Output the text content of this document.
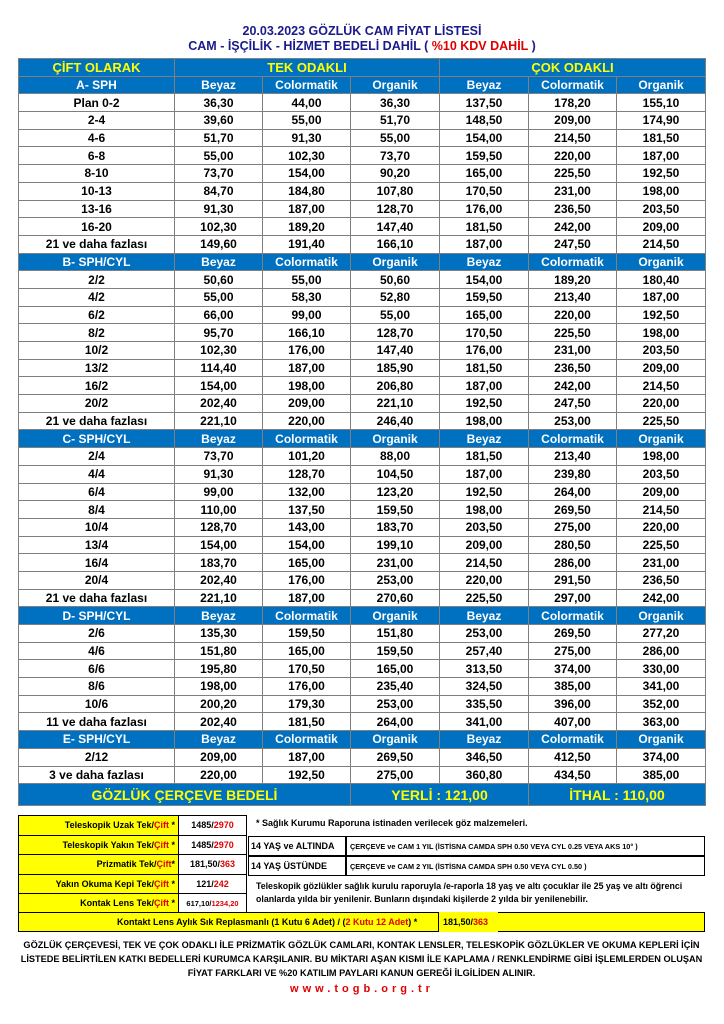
20.03.2023 GÖZLÜK CAM FİYAT LİSTESİ
CAM - İŞÇİLİK - HİZMET BEDELİ DAHİL ( %10 KDV DAHİL )
ÇİFT OLARAK	TEK ODAKLI			ÇOK ODAKLI		
A- SPH	Beyaz	Colormatik	Organik	Beyaz	Colormatik	Organik
Plan 0-2	36,30	44,00	36,30	137,50	178,20	155,10
2-4	39,60	55,00	51,70	148,50	209,00	174,90
4-6	51,70	91,30	55,00	154,00	214,50	181,50
6-8	55,00	102,30	73,70	159,50	220,00	187,00
8-10	73,70	154,00	90,20	165,00	225,50	192,50
10-13	84,70	184,80	107,80	170,50	231,00	198,00
13-16	91,30	187,00	128,70	176,00	236,50	203,50
16-20	102,30	189,20	147,40	181,50	242,00	209,00
21 ve daha fazlası	149,60	191,40	166,10	187,00	247,50	214,50
B- SPH/CYL	Beyaz	Colormatik	Organik	Beyaz	Colormatik	Organik
2/2	50,60	55,00	50,60	154,00	189,20	180,40
4/2	55,00	58,30	52,80	159,50	213,40	187,00
6/2	66,00	99,00	55,00	165,00	220,00	192,50
8/2	95,70	166,10	128,70	170,50	225,50	198,00
10/2	102,30	176,00	147,40	176,00	231,00	203,50
13/2	114,40	187,00	185,90	181,50	236,50	209,00
16/2	154,00	198,00	206,80	187,00	242,00	214,50
20/2	202,40	209,00	221,10	192,50	247,50	220,00
21 ve daha fazlası	221,10	220,00	246,40	198,00	253,00	225,50
C- SPH/CYL	Beyaz	Colormatik	Organik	Beyaz	Colormatik	Organik
2/4	73,70	101,20	88,00	181,50	213,40	198,00
4/4	91,30	128,70	104,50	187,00	239,80	203,50
6/4	99,00	132,00	123,20	192,50	264,00	209,00
8/4	110,00	137,50	159,50	198,00	269,50	214,50
10/4	128,70	143,00	183,70	203,50	275,00	220,00
13/4	154,00	154,00	199,10	209,00	280,50	225,50
16/4	183,70	165,00	231,00	214,50	286,00	231,00
20/4	202,40	176,00	253,00	220,00	291,50	236,50
21 ve daha fazlası	221,10	187,00	270,60	225,50	297,00	242,00
D- SPH/CYL	Beyaz	Colormatik	Organik	Beyaz	Colormatik	Organik
2/6	135,30	159,50	151,80	253,00	269,50	277,20
4/6	151,80	165,00	159,50	257,40	275,00	286,00
6/6	195,80	170,50	165,00	313,50	374,00	330,00
8/6	198,00	176,00	235,40	324,50	385,00	341,00
10/6	200,20	179,30	253,00	335,50	396,00	352,00
11 ve daha fazlası	202,40	181,50	264,00	341,00	407,00	363,00
E- SPH/CYL	Beyaz	Colormatik	Organik	Beyaz	Colormatik	Organik
2/12	209,00	187,00	269,50	346,50	412,50	374,00
3 ve daha fazlası	220,00	192,50	275,00	360,80	434,50	385,00
GÖZLÜK ÇERÇEVE BEDELİ			YERLİ : 121,00		İTHAL : 110,00	
Teleskopik Uzak Tek/Çift *	1485/2970
Teleskopik Yakın Tek/Çift *	1485/2970
Prizmatik Tek/Çift*	181,50/363
Yakın Okuma Kepi Tek/Çift *	121/242
Kontak Lens Tek/Çift *	617,10/1234,20
* Sağlık Kurumu Raporuna istinaden verilecek göz malzemeleri.
14 YAŞ ve ALTINDA	ÇERÇEVE ve CAM 1 YIL (İSTİSNA CAMDA SPH 0.50 VEYA CYL 0.25 VEYA AKS 10° )
14 YAŞ ÜSTÜNDE	ÇERÇEVE ve CAM 2 YIL (İSTİSNA CAMDA SPH 0.50 VEYA CYL 0.50 )
Teleskopik gözlükler sağlık kurulu raporuyla /e-raporla 18 yaş ve altı çocuklar ile 25 yaş ve altı öğrenci olanlarda yılda bir yenilenir. Bunların dışındaki kişilerde 2 yılda bir yenilenebilir.
Kontakt Lens Aylık Sık Replasmanlı (1 Kutu 6 Adet) / (2 Kutu 12 Adet) *	181,50/363
GÖZLÜK ÇERÇEVESİ, TEK VE ÇOK ODAKLI İLE PRİZMATİK GÖZLÜK CAMLARI, KONTAK LENSLER, TELESKOPİK GÖZLÜKLER VE OKUMA KEPLERİ İÇİN LİSTEDE BELİRTİLEN KATKI BEDELLERİ KURUMCA KARŞILANIR. BU MİKTARI AŞAN KISMI İLE KAPLAMA / RENKLENDİRME GİBİ İŞLEMLERDEN OLUŞAN FİYAT FARKLARI VE %20 KATILIM PAYLARI KANUN GEREĞİ İLGİLİDEN ALINIR.
www.togb.org.tr
